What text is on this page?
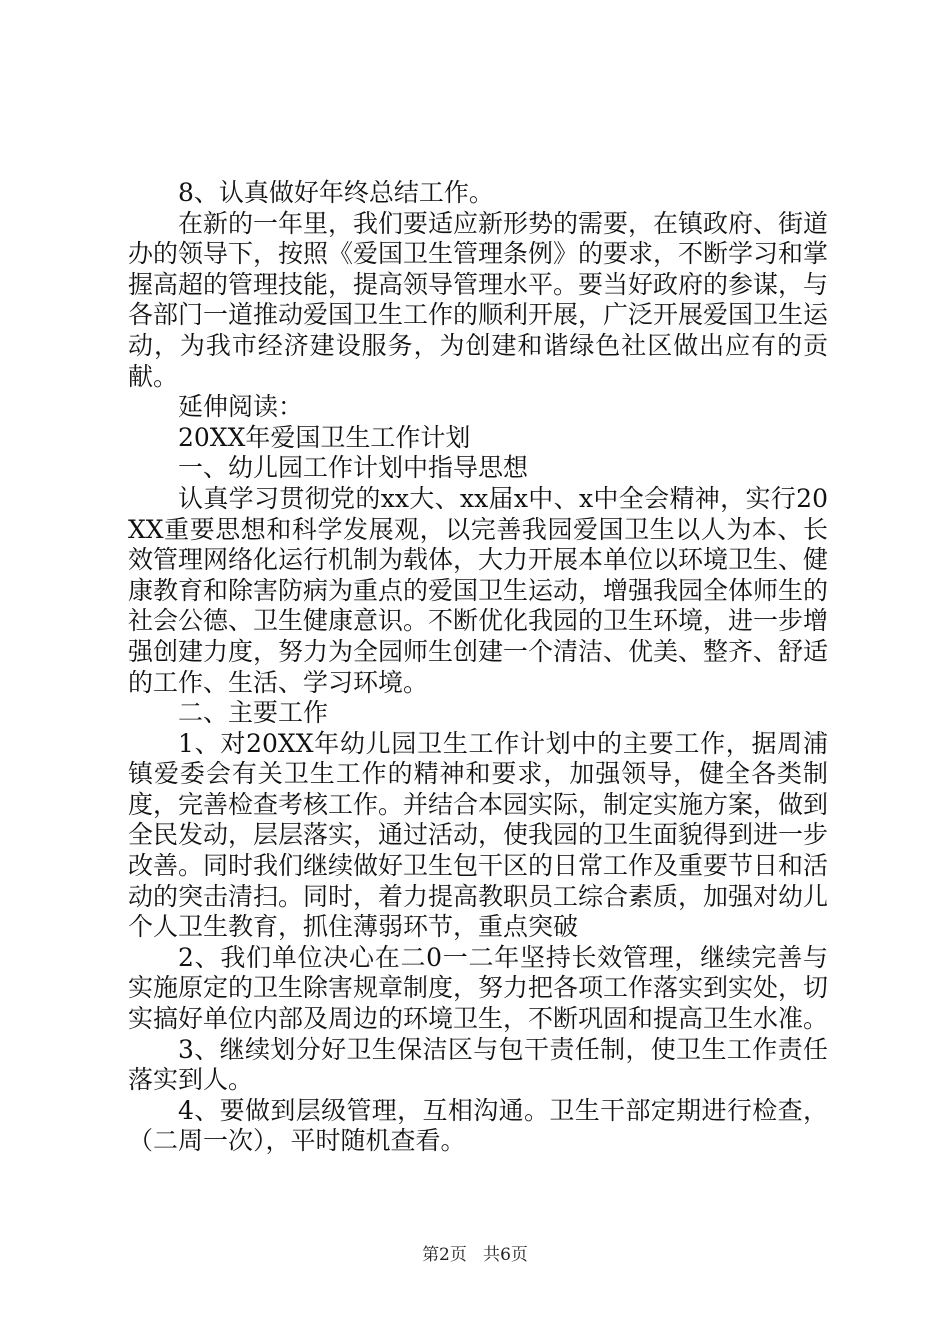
8、认真做好年终总结工作。

在新的一年里，我们要适应新形势的需要，在镇政府、街道办的领导下，按照《爱国卫生管理条例》的要求，不断学习和掌握高超的管理技能，提高领导管理水平。要当好政府的参谋，与各部门一道推动爱国卫生工作的顺利开展，广泛开展爱国卫生运动，为我市经济建设服务，为创建和谐绿色社区做出应有的贡献。

延伸阅读：

20XX年爱国卫生工作计划

一、幼儿园工作计划中指导思想

认真学习贯彻党的xx大、xx届x中、x中全会精神，实行20XX重要思想和科学发展观，以完善我园爱国卫生以人为本、长效管理网络化运行机制为载体，大力开展本单位以环境卫生、健康教育和除害防病为重点的爱国卫生运动，增强我园全体师生的社会公德、卫生健康意识。不断优化我园的卫生环境，进一步增强创建力度，努力为全园师生创建一个清洁、优美、整齐、舒适的工作、生活、学习环境。

二、主要工作

1、对20XX年幼儿园卫生工作计划中的主要工作，据周浦镇爱委会有关卫生工作的精神和要求，加强领导，健全各类制度，完善检查考核工作。并结合本园实际，制定实施方案，做到全民发动，层层落实，通过活动，使我园的卫生面貌得到进一步改善。同时我们继续做好卫生包干区的日常工作及重要节日和活动的突击清扫。同时，着力提高教职员工综合素质，加强对幼儿个人卫生教育，抓住薄弱环节，重点突破

2、我们单位决心在二0一二年坚持长效管理，继续完善与实施原定的卫生除害规章制度，努力把各项工作落实到实处，切实搞好单位内部及周边的环境卫生，不断巩固和提高卫生水准。

3、继续划分好卫生保洁区与包干责任制，使卫生工作责任落实到人。

4、要做到层级管理，互相沟通。卫生干部定期进行检查，（二周一次），平时随机查看。

第2页 共6页
